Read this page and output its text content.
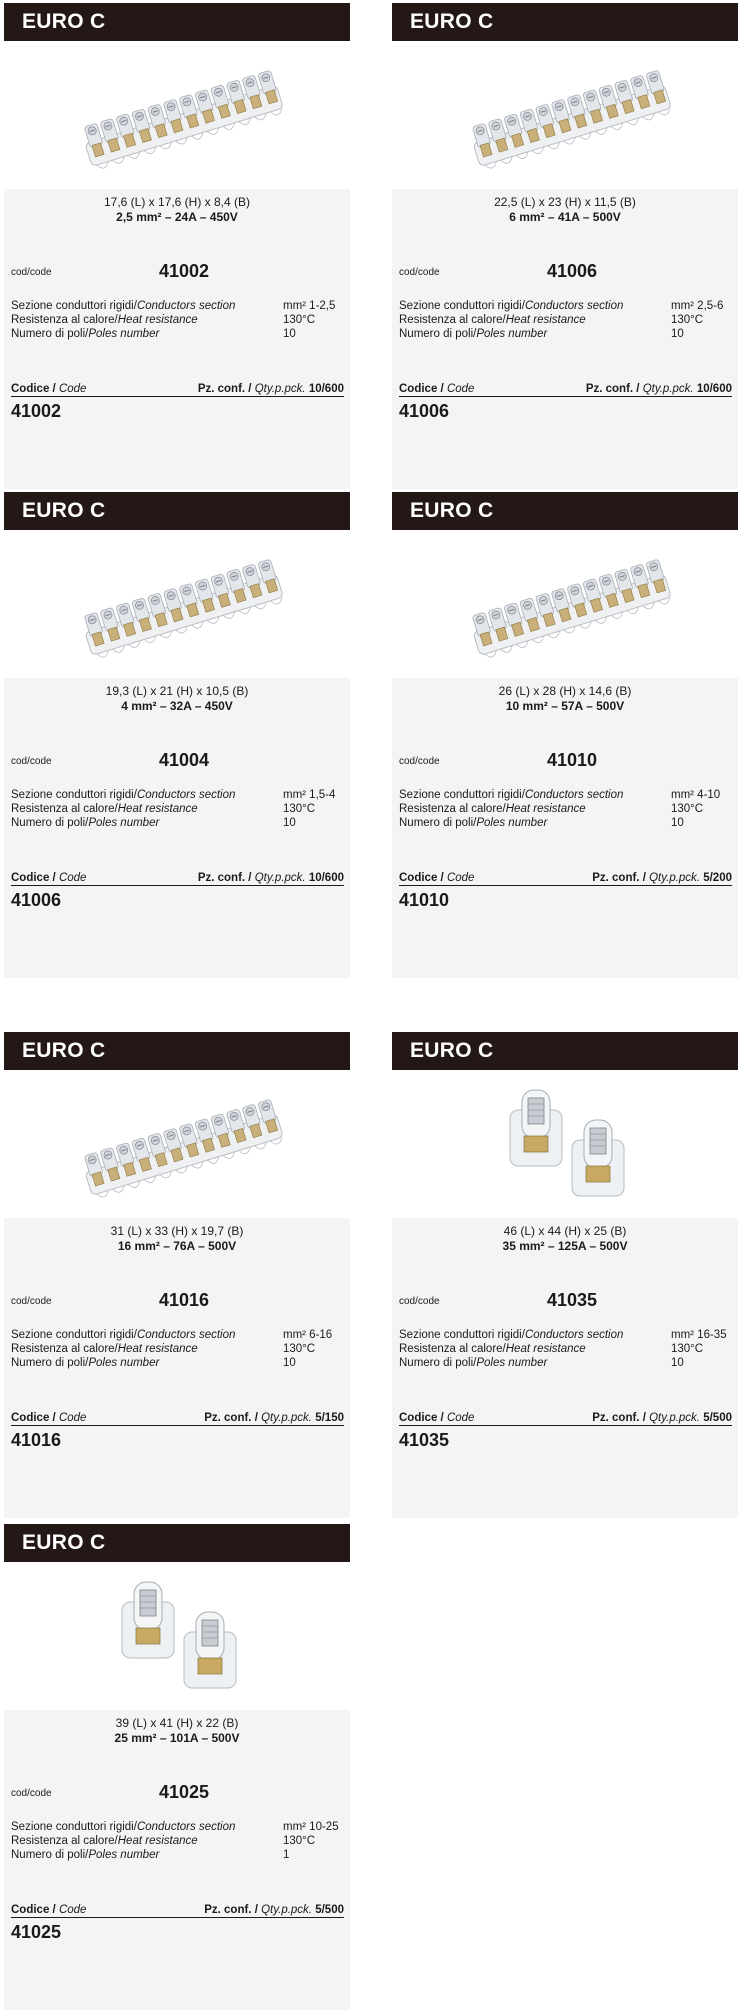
EURO C
17,6 (L) x 17,6 (H) x 8,4 (B)
2,5 mm² – 24A – 450V
cod/code	41002
Sezione conduttori rigidi/Conductors section	mm² 1-2,5
Resistenza al calore/Heat resistance	130°C
Numero di poli/Poles number	10
Codice / Code	Pz. conf. / Qty.p.pck. 10/600
41002
EURO C
22,5 (L) x 23 (H) x 11,5 (B)
6 mm² – 41A – 500V
cod/code	41006
Sezione conduttori rigidi/Conductors section	mm² 2,5-6
Resistenza al calore/Heat resistance	130°C
Numero di poli/Poles number	10
Codice / Code	Pz. conf. / Qty.p.pck. 10/600
41006
EURO C
19,3 (L) x 21 (H) x 10,5 (B)
4 mm² – 32A – 450V
cod/code	41004
Sezione conduttori rigidi/Conductors section	mm² 1,5-4
Resistenza al calore/Heat resistance	130°C
Numero di poli/Poles number	10
Codice / Code	Pz. conf. / Qty.p.pck. 10/600
41006
EURO C
26 (L) x 28 (H) x 14,6 (B)
10 mm² – 57A – 500V
cod/code	41010
Sezione conduttori rigidi/Conductors section	mm² 4-10
Resistenza al calore/Heat resistance	130°C
Numero di poli/Poles number	10
Codice / Code	Pz. conf. / Qty.p.pck. 5/200
41010
EURO C
31 (L) x 33 (H) x 19,7 (B)
16 mm² – 76A – 500V
cod/code	41016
Sezione conduttori rigidi/Conductors section	mm² 6-16
Resistenza al calore/Heat resistance	130°C
Numero di poli/Poles number	10
Codice / Code	Pz. conf. / Qty.p.pck. 5/150
41016
EURO C
46 (L) x 44 (H) x 25 (B)
35 mm² – 125A – 500V
cod/code	41035
Sezione conduttori rigidi/Conductors section	mm² 16-35
Resistenza al calore/Heat resistance	130°C
Numero di poli/Poles number	10
Codice / Code	Pz. conf. / Qty.p.pck. 5/500
41035
EURO C
39 (L) x 41 (H) x 22 (B)
25 mm² – 101A – 500V
cod/code	41025
Sezione conduttori rigidi/Conductors section	mm² 10-25
Resistenza al calore/Heat resistance	130°C
Numero di poli/Poles number	1
Codice / Code	Pz. conf. / Qty.p.pck. 5/500
41025
